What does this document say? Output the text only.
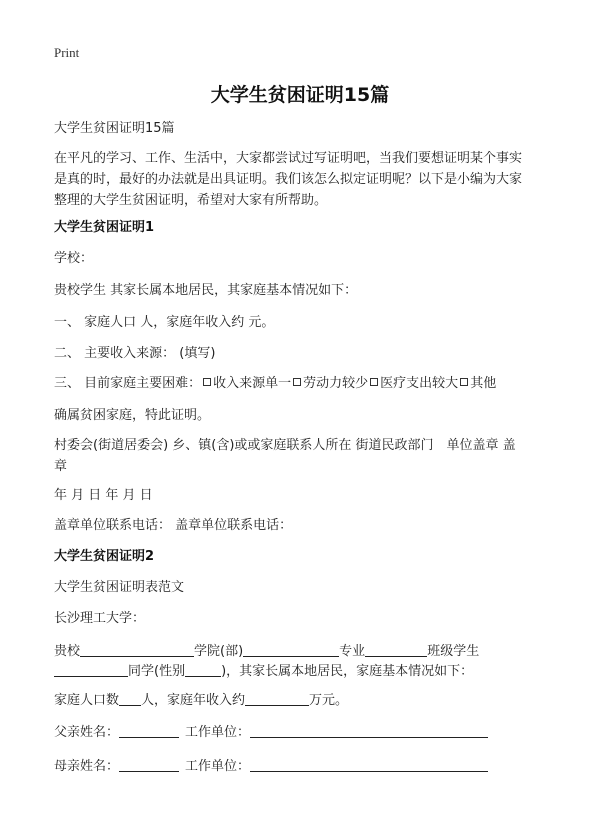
Print
大学生贫困证明15篇
大学生贫困证明15篇
在平凡的学习、工作、生活中，大家都尝试过写证明吧，当我们要想证明某个事实
是真的时，最好的办法就是出具证明。我们该怎么拟定证明呢？以下是小编为大家
整理的大学生贫困证明，希望对大家有所帮助。
大学生贫困证明1
学校：
贵校学生 其家长属本地居民，其家庭基本情况如下：
一、 家庭人口 人，家庭年收入约 元。
二、 主要收入来源： (填写)
三、 目前家庭主要困难： 收入来源单一 劳动力较少 医疗支出较大 其他
确属贫困家庭，特此证明。
村委会(街道居委会) 乡、镇(含)或或家庭联系人所在 街道民政部门　单位盖章 盖
章
年 月 日 年 月 日
盖章单位联系电话： 盖章单位联系电话：
大学生贫困证明2
大学生贫困证明表范文
长沙理工大学：
贵校	学院(部)	专业	班级学生
同学(性别	)，其家长属本地居民，家庭基本情况如下：
家庭人口数 人，家庭年收入约	万元。
父亲姓名：	工作单位：
母亲姓名：	工作单位：
